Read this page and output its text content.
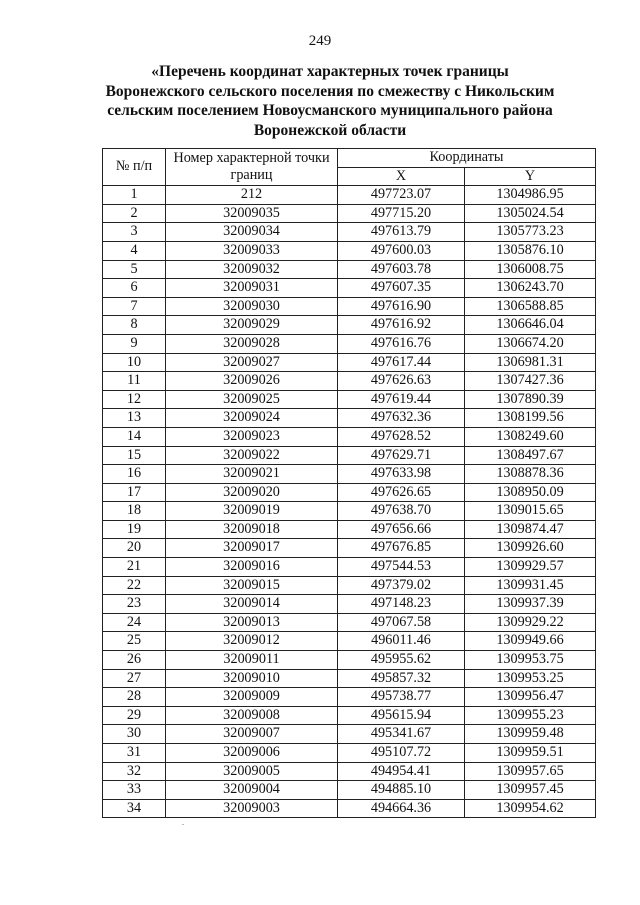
249
«Перечень координат характерных точек границы Воронежского сельского поселения по смежеству с Никольским сельским поселением Новоусманского муниципального района Воронежской области
№ п/п	Номер характерной точки границ	Координаты	
		X	Y
1	212	497723.07	1304986.95
2	32009035	497715.20	1305024.54
3	32009034	497613.79	1305773.23
4	32009033	497600.03	1305876.10
5	32009032	497603.78	1306008.75
6	32009031	497607.35	1306243.70
7	32009030	497616.90	1306588.85
8	32009029	497616.92	1306646.04
9	32009028	497616.76	1306674.20
10	32009027	497617.44	1306981.31
11	32009026	497626.63	1307427.36
12	32009025	497619.44	1307890.39
13	32009024	497632.36	1308199.56
14	32009023	497628.52	1308249.60
15	32009022	497629.71	1308497.67
16	32009021	497633.98	1308878.36
17	32009020	497626.65	1308950.09
18	32009019	497638.70	1309015.65
19	32009018	497656.66	1309874.47
20	32009017	497676.85	1309926.60
21	32009016	497544.53	1309929.57
22	32009015	497379.02	1309931.45
23	32009014	497148.23	1309937.39
24	32009013	497067.58	1309929.22
25	32009012	496011.46	1309949.66
26	32009011	495955.62	1309953.75
27	32009010	495857.32	1309953.25
28	32009009	495738.77	1309956.47
29	32009008	495615.94	1309955.23
30	32009007	495341.67	1309959.48
31	32009006	495107.72	1309959.51
32	32009005	494954.41	1309957.65
33	32009004	494885.10	1309957.45
34	32009003	494664.36	1309954.62
